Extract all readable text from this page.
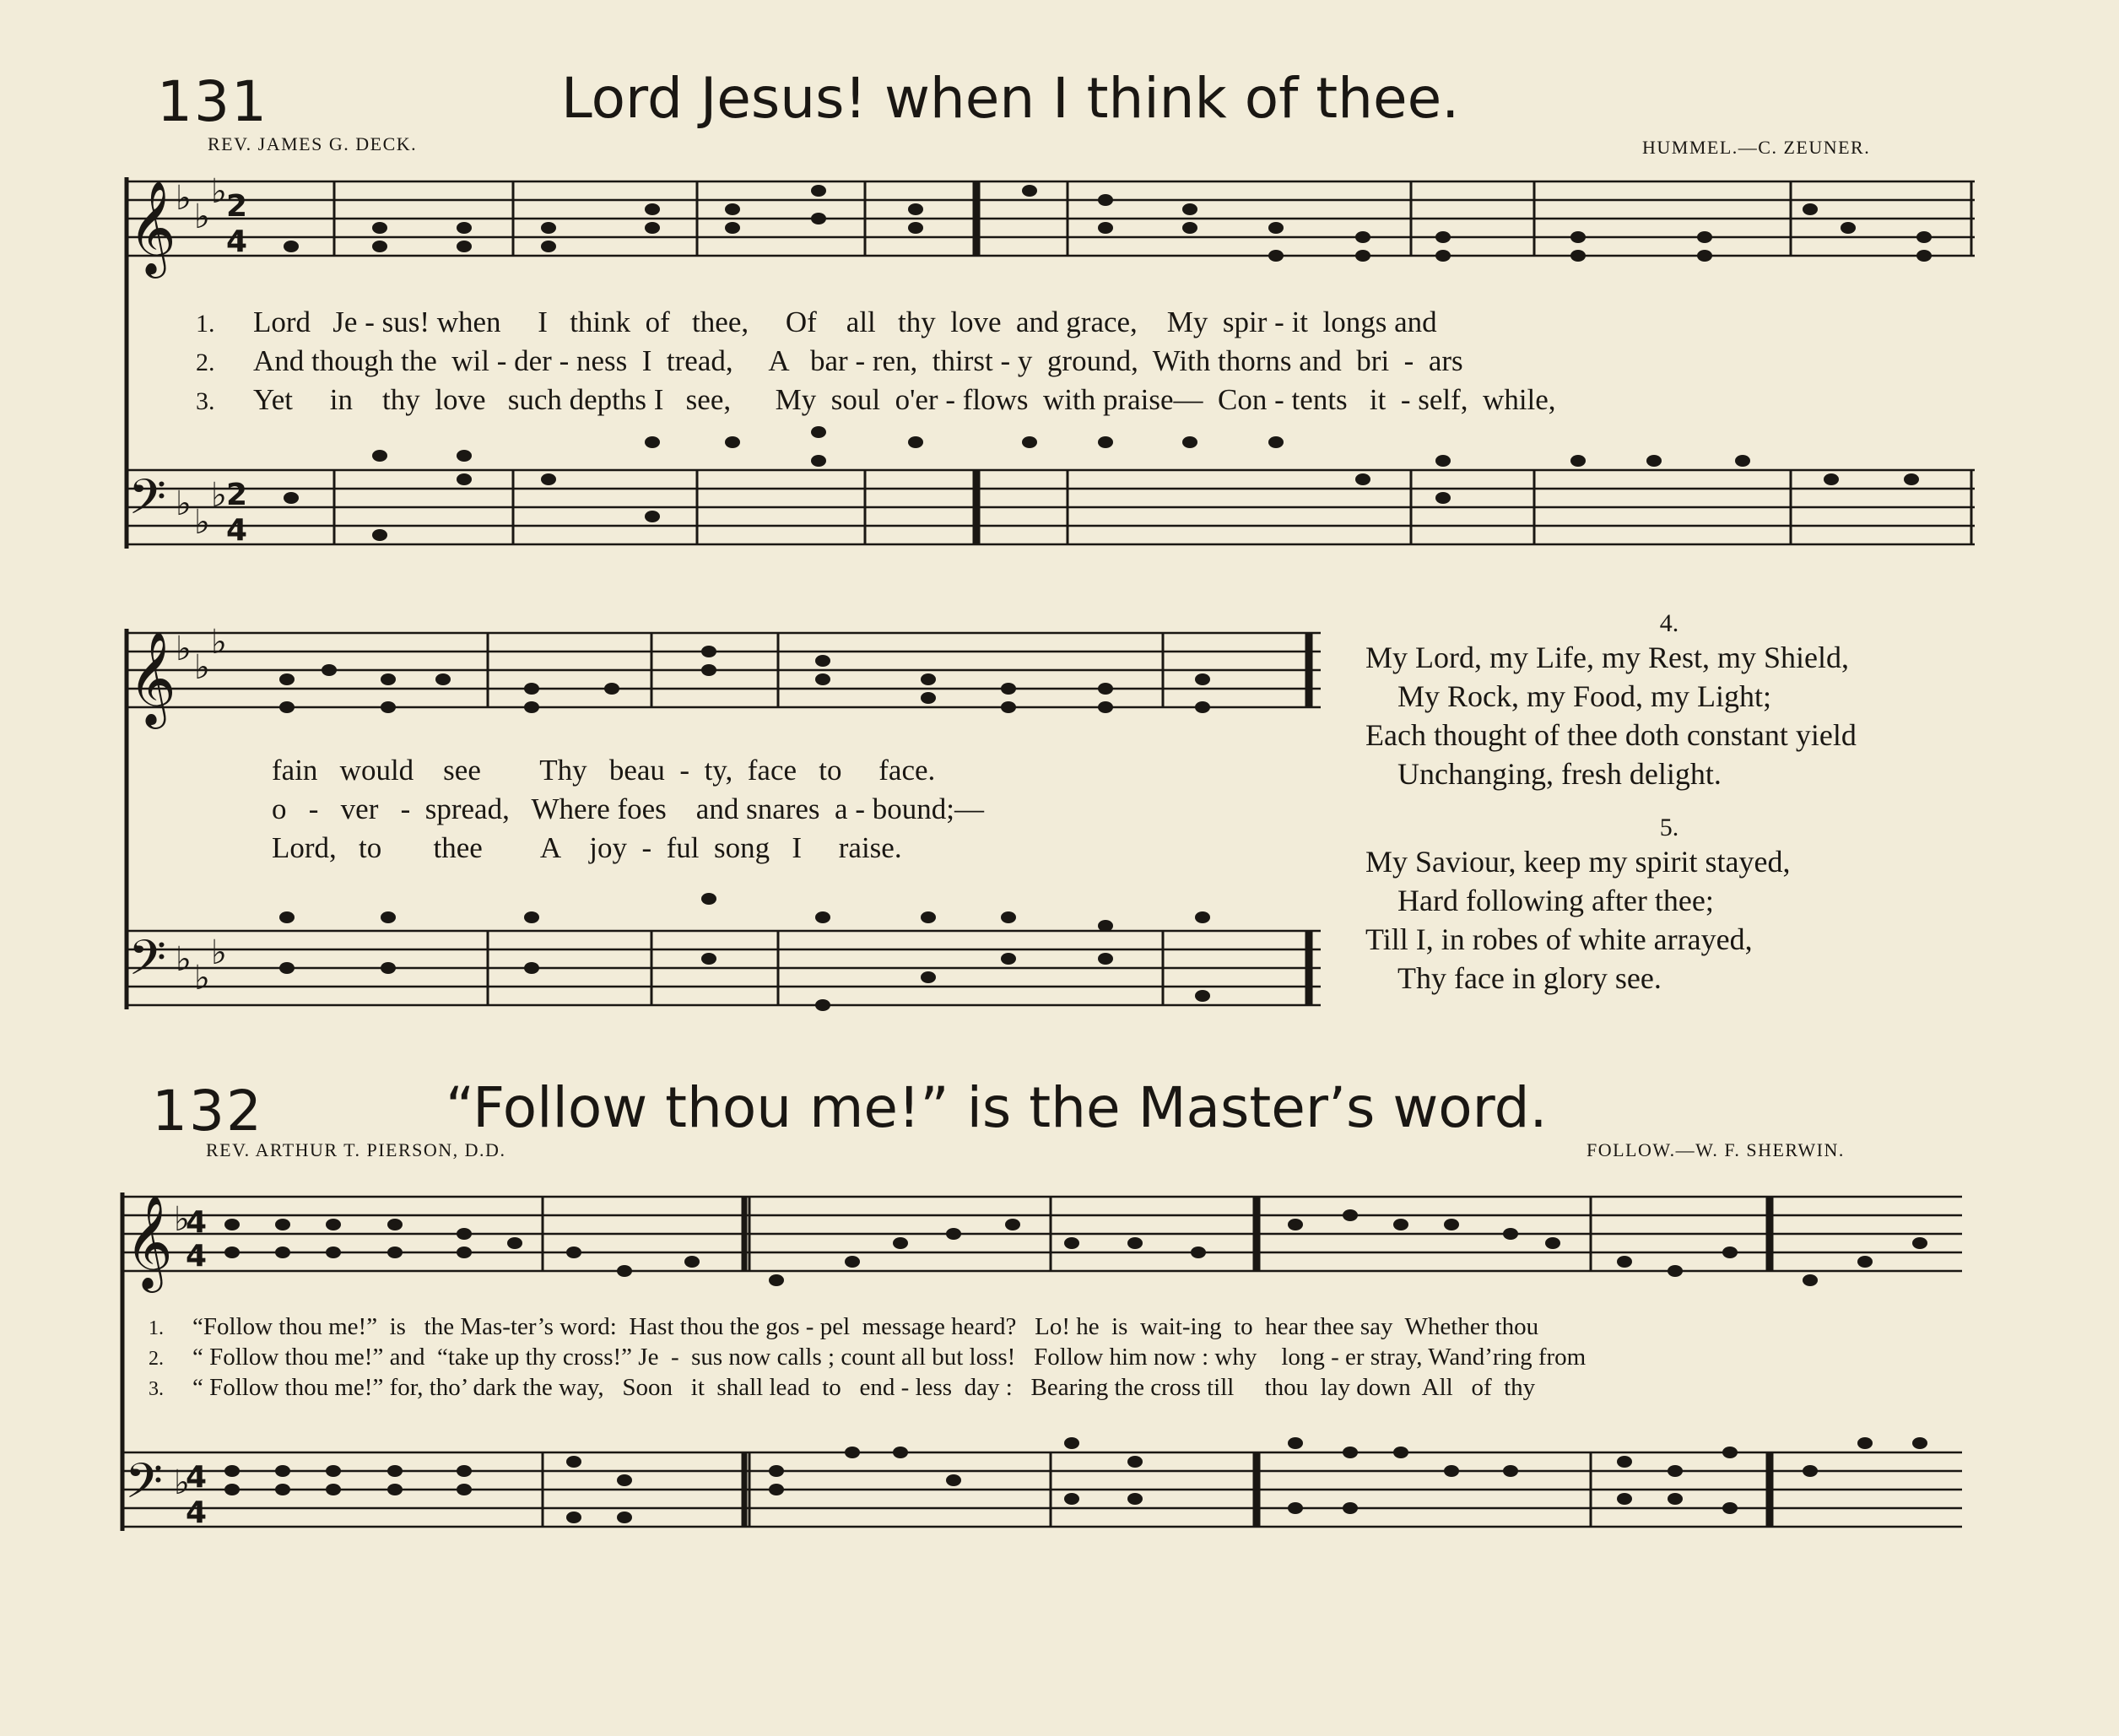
131	Lord Jesus! when I think of thee.
REV. JAMES G. DECK.	HUMMEL.—C. ZEUNER.
𝄞
𝄢
𝄞
𝄢
𝄞
𝄢
♭ ♭
♭
♭ ♭
♭
♭ ♭
♭
♭ ♭
♭
♭
♭
2
4
2
4
4
4
4
4
1.	Lord   Je - sus! when     I   think  of   thee,     Of    all   thy  love  and grace,    My  spir - it  longs and
2.	And though the  wil - der - ness  I  tread,     A   bar - ren,  thirst - y  ground,  With thorns and  bri  -  ars
3.	Yet     in    thy  love   such depths I   see,      My  soul  o'er - flows  with praise—  Con - tents   it  - self,  while,
fain   would    see        Thy   beau  -  ty,  face   to     face.
o   -   ver   -  spread,   Where foes    and snares  a - bound;—
Lord,   to       thee        A    joy  -  ful  song   I     raise.
4.
My Lord, my Life, my Rest, my Shield,
My Rock, my Food, my Light;
Each thought of thee doth constant yield
Unchanging, fresh delight.
5.
My Saviour, keep my spirit stayed,
Hard following after thee;
Till I, in robes of white arrayed,
Thy face in glory see.
132	“Follow thou me!” is the Master’s word.
REV. ARTHUR T. PIERSON, D.D.	FOLLOW.—W. F. SHERWIN.
1.	“Follow thou me!”  is   the Mas-ter’s word:  Hast thou the gos - pel  message heard?   Lo! he  is  wait-ing  to  hear thee say  Whether thou
2.	“ Follow thou me!” and  “take up thy cross!” Je  -  sus now calls ; count all but loss!   Follow him now : why    long - er stray, Wand’ring from
3.	“ Follow thou me!” for, tho’ dark the way,   Soon   it  shall lead  to   end - less  day :   Bearing the cross till     thou  lay down  All   of  thy
